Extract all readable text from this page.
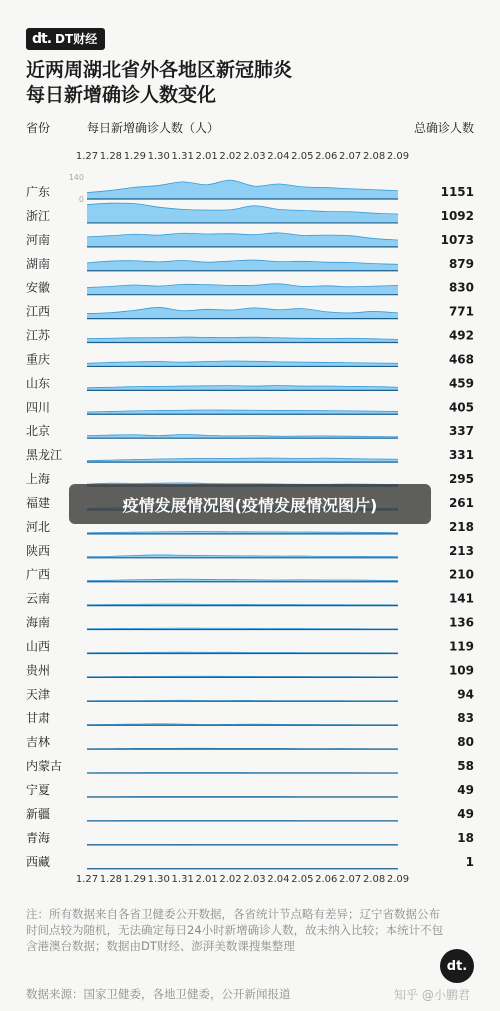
dt. DT财经
近两周湖北省外各地区新冠肺炎
每日新增确诊人数变化
省份	每日新增确诊人数（人）	总确诊人数
1.27
1.27
1.28
1.28
1.29
1.29
1.30
1.30
1.31
1.31
2.01
2.01
2.02
2.02
2.03
2.03
2.04
2.04
2.05
2.05
2.06
2.06
2.07
2.07
2.08
2.08
2.09
2.09
140
0
广东	1151
浙江	1092
河南	1073
湖南	879
安徽	830
江西	771
江苏	492
重庆	468
山东	459
四川	405
北京	337
黑龙江	331
上海	295
福建	261
河北	218
陕西	213
广西	210
云南	141
海南	136
山西	119
贵州	109
天津	94
甘肃	83
吉林	80
内蒙古	58
宁夏	49
新疆	49
青海	18
西藏	1
疫情发展情况图(疫情发展情况图片)
注：所有数据来自各省卫健委公开数据，各省统计节点略有差异；辽宁省数据公布时间点较为随机，无法确定每日24小时新增确诊人数，故未纳入比较；本统计不包含港澳台数据；数据由DT财经、澎湃美数课搜集整理
数据来源：国家卫健委，各地卫健委，公开新闻报道
dt.
知乎 @小鹏君
